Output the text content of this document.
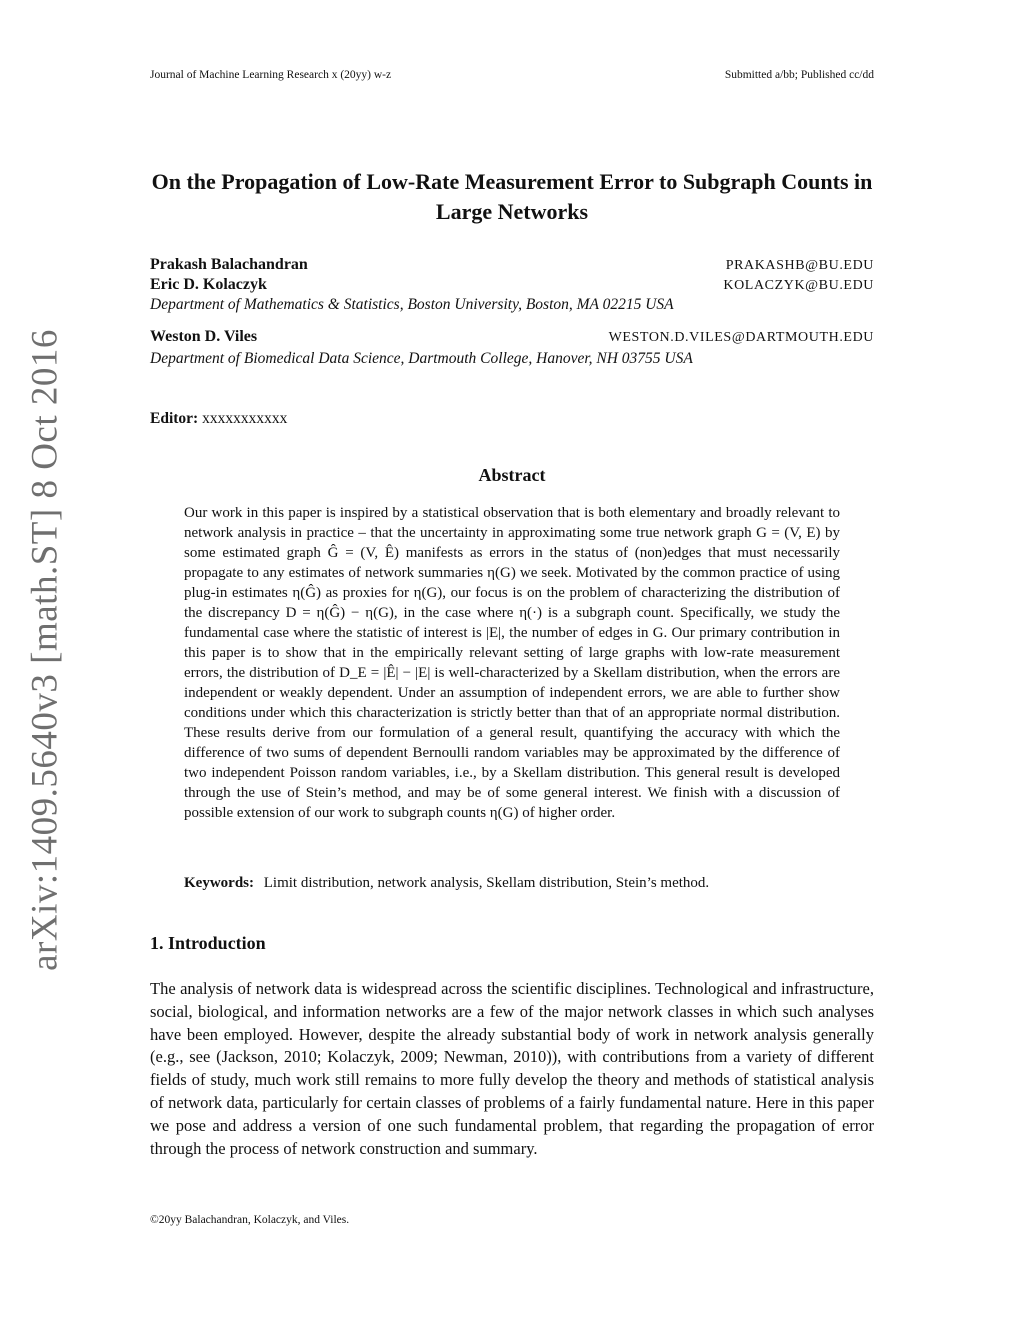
Journal of Machine Learning Research x (20yy) w-z	Submitted a/bb; Published cc/dd
arXiv:1409.5640v3 [math.ST] 8 Oct 2016
On the Propagation of Low-Rate Measurement Error to Subgraph Counts in Large Networks
Prakash Balachandran	PRAKASHB@BU.EDU
Eric D. Kolaczyk	KOLACZYK@BU.EDU
Department of Mathematics & Statistics, Boston University, Boston, MA 02215 USA
Weston D. Viles	WESTON.D.VILES@DARTMOUTH.EDU
Department of Biomedical Data Science, Dartmouth College, Hanover, NH 03755 USA
Editor: xxxxxxxxxxx
Abstract

Our work in this paper is inspired by a statistical observation that is both elementary and broadly relevant to network analysis in practice – that the uncertainty in approximating some true network graph G = (V, E) by some estimated graph Ĝ = (V, Ê) manifests as errors in the status of (non)edges that must necessarily propagate to any estimates of network summaries η(G) we seek. Motivated by the common practice of using plug-in estimates η(Ĝ) as proxies for η(G), our focus is on the problem of characterizing the distribution of the discrepancy D = η(Ĝ) − η(G), in the case where η(·) is a subgraph count. Specifically, we study the fundamental case where the statistic of interest is |E|, the number of edges in G. Our primary contribution in this paper is to show that in the empirically relevant setting of large graphs with low-rate measurement errors, the distribution of D_E = |Ê| − |E| is well-characterized by a Skellam distribution, when the errors are independent or weakly dependent. Under an assumption of independent errors, we are able to further show conditions under which this characterization is strictly better than that of an appropriate normal distribution. These results derive from our formulation of a general result, quantifying the accuracy with which the difference of two sums of dependent Bernoulli random variables may be approximated by the difference of two independent Poisson random variables, i.e., by a Skellam distribution. This general result is developed through the use of Stein’s method, and may be of some general interest. We finish with a discussion of possible extension of our work to subgraph counts η(G) of higher order.

Keywords: Limit distribution, network analysis, Skellam distribution, Stein’s method.
1. Introduction

The analysis of network data is widespread across the scientific disciplines. Technological and infrastructure, social, biological, and information networks are a few of the major network classes in which such analyses have been employed. However, despite the already substantial body of work in network analysis generally (e.g., see (Jackson, 2010; Kolaczyk, 2009; Newman, 2010)), with contributions from a variety of different fields of study, much work still remains to more fully develop the theory and methods of statistical analysis of network data, particularly for certain classes of problems of a fairly fundamental nature. Here in this paper we pose and address a version of one such fundamental problem, that regarding the propagation of error through the process of network construction and summary.

©20yy Balachandran, Kolaczyk, and Viles.
